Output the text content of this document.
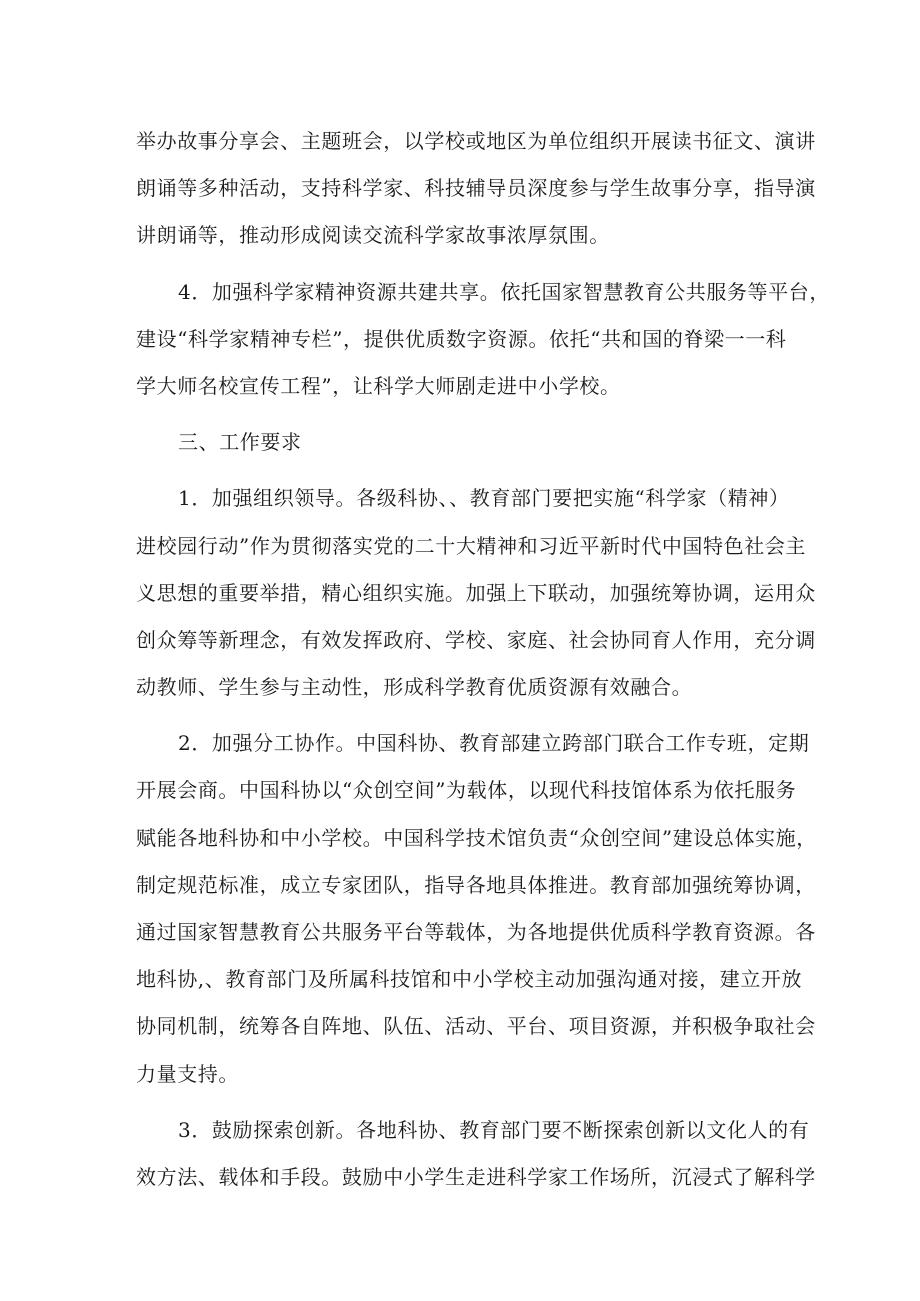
举办故事分享会、主题班会，以学校或地区为单位组织开展读书征文、演讲
朗诵等多种活动，支持科学家、科技辅导员深度参与学生故事分享，指导演
讲朗诵等，推动形成阅读交流科学家故事浓厚氛围。
4．加强科学家精神资源共建共享。依托国家智慧教育公共服务等平台，
建设“科学家精神专栏”，提供优质数字资源。依托“共和国的脊梁一一科
学大师名校宣传工程”，让科学大师剧走进中小学校。
三、工作要求
1．加强组织领导。各级科协、、教育部门要把实施“科学家（精神）
进校园行动”作为贯彻落实党的二十大精神和习近平新时代中国特色社会主
义思想的重要举措，精心组织实施。加强上下联动，加强统筹协调，运用众
创众筹等新理念，有效发挥政府、学校、家庭、社会协同育人作用，充分调
动教师、学生参与主动性，形成科学教育优质资源有效融合。
2．加强分工协作。中国科协、教育部建立跨部门联合工作专班，定期
开展会商。中国科协以“众创空间”为载体，以现代科技馆体系为依托服务
赋能各地科协和中小学校。中国科学技术馆负责“众创空间”建设总体实施，
制定规范标准，成立专家团队，指导各地具体推进。教育部加强统筹协调，
通过国家智慧教育公共服务平台等载体，为各地提供优质科学教育资源。各
地科协,、教育部门及所属科技馆和中小学校主动加强沟通对接，建立开放
协同机制，统筹各自阵地、队伍、活动、平台、项目资源，并积极争取社会
力量支持。
3．鼓励探索创新。各地科协、教育部门要不断探索创新以文化人的有
效方法、载体和手段。鼓励中小学生走进科学家工作场所，沉浸式了解科学
